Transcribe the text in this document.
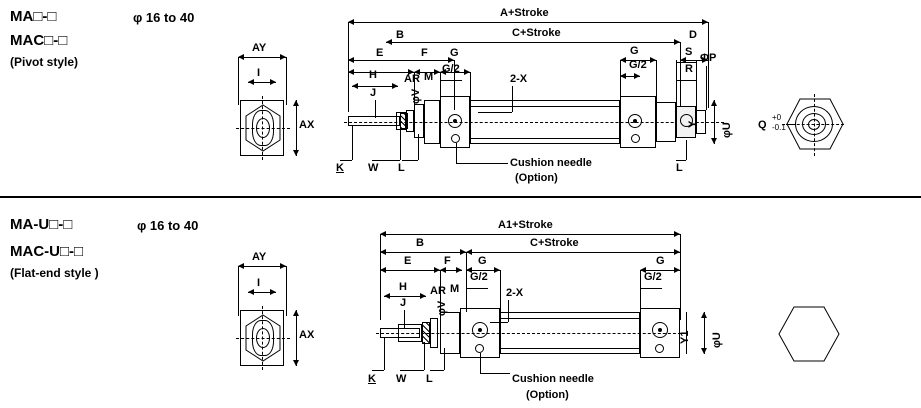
MA□-□
MAC□-□
(Pivot style)
φ 16 to 40
AY
I
AX
A+Stroke
C+Stroke
B
E	F G
D
G
G/2
S
R
ΦP
H
J
AR
φV
M
G/2
Y φU
2-X
K W L	Cushion needle
(Option)
L
Q
+0
-0.1
MA-U□-□
MAC-U□-□
(Flat-end style )
φ 16 to 40
AY
I
AX
A1+Stroke
C+Stroke
B
E	F G
G/2
G
G/2
H
J
AR
φV
M
Y1 φU
2-X
K W L	Cushion needle
(Option)
